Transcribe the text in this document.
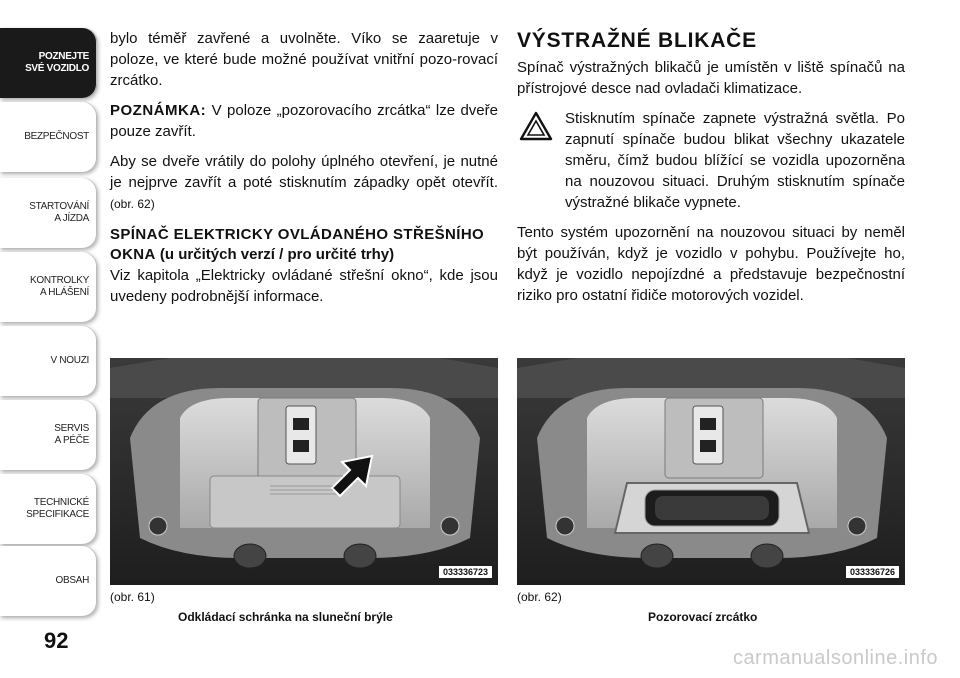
POZNEJTE
SVÉ VOZIDLO
BEZPEČNOST
STARTOVÁNÍ
A JÍZDA
KONTROLKY
A HLÁŠENÍ
V NOUZI
SERVIS
A PÉČE
TECHNICKÉ
SPECIFIKACE
OBSAH
92

bylo téměř zavřené a uvolněte. Víko se zaaretuje v poloze, ve které bude možné používat vnitřní pozo-rovací zrcátko.

POZNÁMKA: V poloze „pozorovacího zrcátka“ lze dveře pouze zavřít.

Aby se dveře vrátily do polohy úplného otevření, je nutné je nejprve zavřít a poté stisknutím západky opět otevřít.(obr. 62)

SPÍNAČ ELEKTRICKY OVLÁDANÉHO STŘEŠNÍHO OKNA (u určitých verzí / pro určité trhy)

Viz kapitola „Elektricky ovládané střešní okno“, kde jsou uvedeny podrobnější informace.

VÝSTRAŽNÉ BLIKAČE

Spínač výstražných blikačů je umístěn v liště spínačů na přístrojové desce nad ovladači klimatizace.

Stisknutím spínače zapnete výstražná světla. Po zapnutí spínače budou blikat všechny ukazatele směru, čímž budou blížící se vozidla upozorněna na nouzovou situaci. Druhým stisknutím spínače výstražné blikače vypnete.

Tento systém upozornění na nouzovou situaci by neměl být používán, když je vozidlo v pohybu. Používejte ho, když je vozidlo nepojízdné a představuje bezpečnostní riziko pro ostatní řidiče motorových vozidel.

033336723
(obr. 61)
Odkládací schránka na sluneční brýle
033336726
(obr. 62)
Pozorovací zrcátko
carmanualsonline.info
